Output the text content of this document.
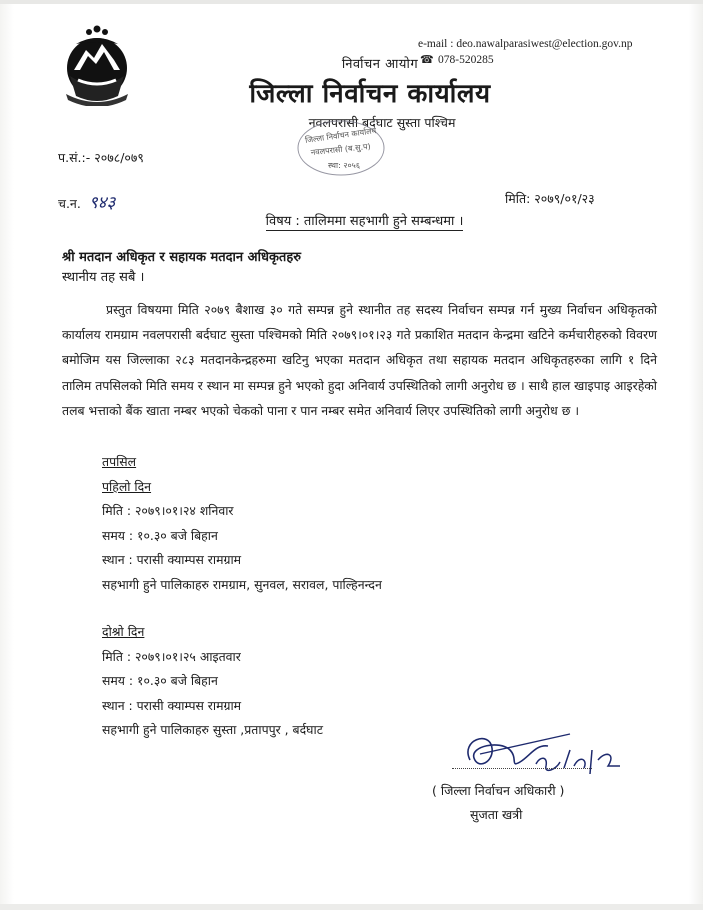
e-mail : deo.nawalparasiwest@election.gov.np
☎ 078-520285
निर्वाचन आयोग
जिल्ला निर्वाचन कार्यालय
नवलपरासी बर्दघाट सुस्ता पश्चिम
जिल्ला निर्वाचन कार्यालय
नवलपरासी (ब.सु.प)
स्था: २०५६
प.सं.:- २०७८/०७९
च.न. ९४३	मिति: २०७९/०१/२३
विषय : तालिममा सहभागी हुने सम्बन्धमा ।
श्री मतदान अधिकृत र सहायक मतदान अधिकृतहरु
स्थानीय तह सबै ।
प्रस्तुत विषयमा मिति २०७९ बैशाख ३० गते सम्पन्न हुने स्थानीत तह सदस्य निर्वाचन सम्पन्न गर्न मुख्य निर्वाचन अधिकृतको कार्यालय रामग्राम नवलपरासी बर्दघाट सुस्ता पश्चिमको मिति २०७९।०१।२३ गते प्रकाशित मतदान केन्द्रमा खटिने कर्मचारीहरुको विवरण बमोजिम यस जिल्लाका २८३ मतदानकेन्द्रहरुमा खटिनु भएका मतदान अधिकृत तथा सहायक मतदान अधिकृतहरुका लागि १ दिने तालिम तपसिलको मिति समय र स्थान मा सम्पन्न हुने भएको हुदा अनिवार्य उपस्थितिको लागी अनुरोध छ । साथै हाल खाइपाइ आइरहेको तलब भत्ताको बैंक खाता नम्बर भएको चेकको पाना र पान नम्बर समेत अनिवार्य लिएर उपस्थितिको लागी अनुरोध छ ।
तपसिल
पहिलो दिन
मिति : २०७९।०१।२४ शनिवार
समय : १०.३० बजे बिहान
स्थान : परासी क्याम्पस रामग्राम
सहभागी हुने पालिकाहरु रामग्राम, सुनवल, सरावल, पाल्हिनन्दन
दोश्रो दिन
मिति : २०७९।०१।२५ आइतवार
समय : १०.३० बजे बिहान
स्थान : परासी क्याम्पस रामग्राम
सहभागी हुने पालिकाहरु सुस्ता ,प्रतापपुर , बर्दघाट
( जिल्ला निर्वाचन अधिकारी )
सुजता खत्री
